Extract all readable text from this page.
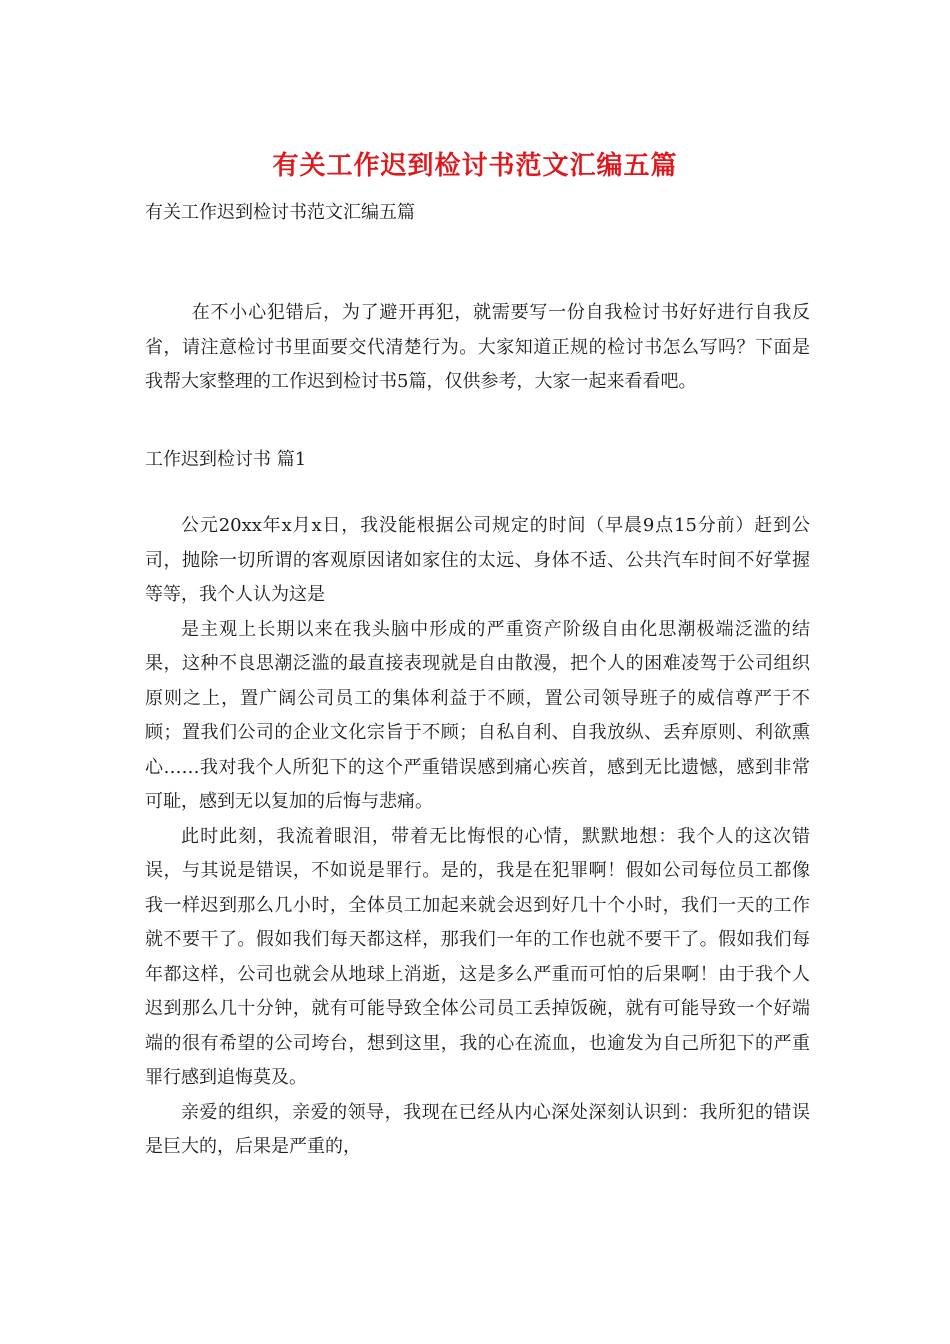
有关工作迟到检讨书范文汇编五篇
有关工作迟到检讨书范文汇编五篇

在不小心犯错后，为了避开再犯，就需要写一份自我检讨书好好进行自我反省，请注意检讨书里面要交代清楚行为。大家知道正规的检讨书怎么写吗？下面是我帮大家整理的工作迟到检讨书5篇，仅供参考，大家一起来看看吧。

工作迟到检讨书 篇1

公元20xx年x月x日，我没能根据公司规定的时间（早晨9点15分前）赶到公司，抛除一切所谓的客观原因诸如家住的太远、身体不适、公共汽车时间不好掌握等等，我个人认为这是

是主观上长期以来在我头脑中形成的严重资产阶级自由化思潮极端泛滥的结果，这种不良思潮泛滥的最直接表现就是自由散漫，把个人的困难凌驾于公司组织原则之上，置广阔公司员工的集体利益于不顾，置公司领导班子的威信尊严于不顾；置我们公司的企业文化宗旨于不顾；自私自利、自我放纵、丢弃原则、利欲熏心……我对我个人所犯下的这个严重错误感到痛心疾首，感到无比遗憾，感到非常可耻，感到无以复加的后悔与悲痛。

此时此刻，我流着眼泪，带着无比悔恨的心情，默默地想：我个人的这次错误，与其说是错误，不如说是罪行。是的，我是在犯罪啊！假如公司每位员工都像我一样迟到那么几小时，全体员工加起来就会迟到好几十个小时，我们一天的工作就不要干了。假如我们每天都这样，那我们一年的工作也就不要干了。假如我们每年都这样，公司也就会从地球上消逝，这是多么严重而可怕的后果啊！由于我个人迟到那么几十分钟，就有可能导致全体公司员工丢掉饭碗，就有可能导致一个好端端的很有希望的公司垮台，想到这里，我的心在流血，也逾发为自己所犯下的严重罪行感到追悔莫及。

亲爱的组织，亲爱的领导，我现在已经从内心深处深刻认识到：我所犯的错误是巨大的，后果是严重的，
